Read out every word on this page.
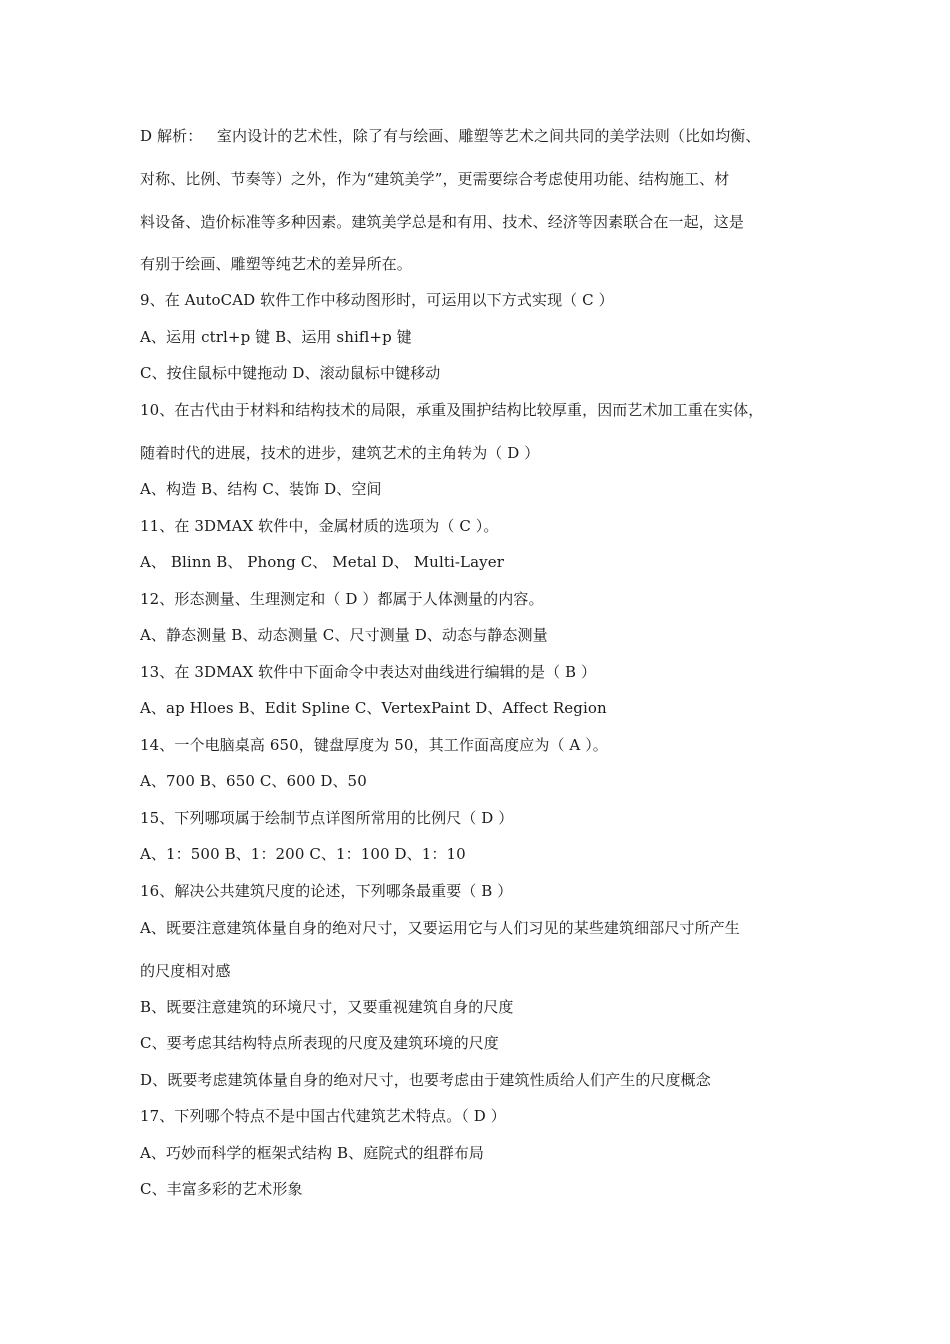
D 解析：   室内设计的艺术性，除了有与绘画、雕塑等艺术之间共同的美学法则（比如均衡、
对称、比例、节奏等）之外，作为“建筑美学”，更需要综合考虑使用功能、结构施工、材
料设备、造价标准等多种因素。建筑美学总是和有用、技术、经济等因素联合在一起，这是
有别于绘画、雕塑等纯艺术的差异所在。
9、在 AutoCAD 软件工作中移动图形时，可运用以下方式实现（ C ）
A、运用 ctrl+p 键 B、运用 shifl+p 键
C、按住鼠标中键拖动 D、滚动鼠标中键移动
10、在古代由于材料和结构技术的局限，承重及围护结构比较厚重，因而艺术加工重在实体，
随着时代的进展，技术的进步，建筑艺术的主角转为（ D ）
A、构造 B、结构 C、装饰 D、空间
11、在 3DMAX 软件中，金属材质的选项为（ C ）。
A、 Blinn B、 Phong C、 Metal D、 Multi-Layer
12、形态测量、生理测定和（ D ）都属于人体测量的内容。
A、静态测量 B、动态测量 C、尺寸测量 D、动态与静态测量
13、在 3DMAX 软件中下面命令中表达对曲线进行编辑的是（ B ）
A、ap Hloes B、Edit Spline C、VertexPaint D、Affect Region
14、一个电脑桌高 650，键盘厚度为 50，其工作面高度应为（ A ）。
A、700 B、650 C、600 D、50
15、下列哪项属于绘制节点详图所常用的比例尺（ D ）
A、1：500 B、1：200 C、1：100 D、1：10
16、解决公共建筑尺度的论述，下列哪条最重要（ B ）
A、既要注意建筑体量自身的绝对尺寸，又要运用它与人们习见的某些建筑细部尺寸所产生
的尺度相对感
B、既要注意建筑的环境尺寸，又要重视建筑自身的尺度
C、要考虑其结构特点所表现的尺度及建筑环境的尺度
D、既要考虑建筑体量自身的绝对尺寸，也要考虑由于建筑性质给人们产生的尺度概念
17、下列哪个特点不是中国古代建筑艺术特点。（ D ）
A、巧妙而科学的框架式结构 B、庭院式的组群布局
C、丰富多彩的艺术形象
